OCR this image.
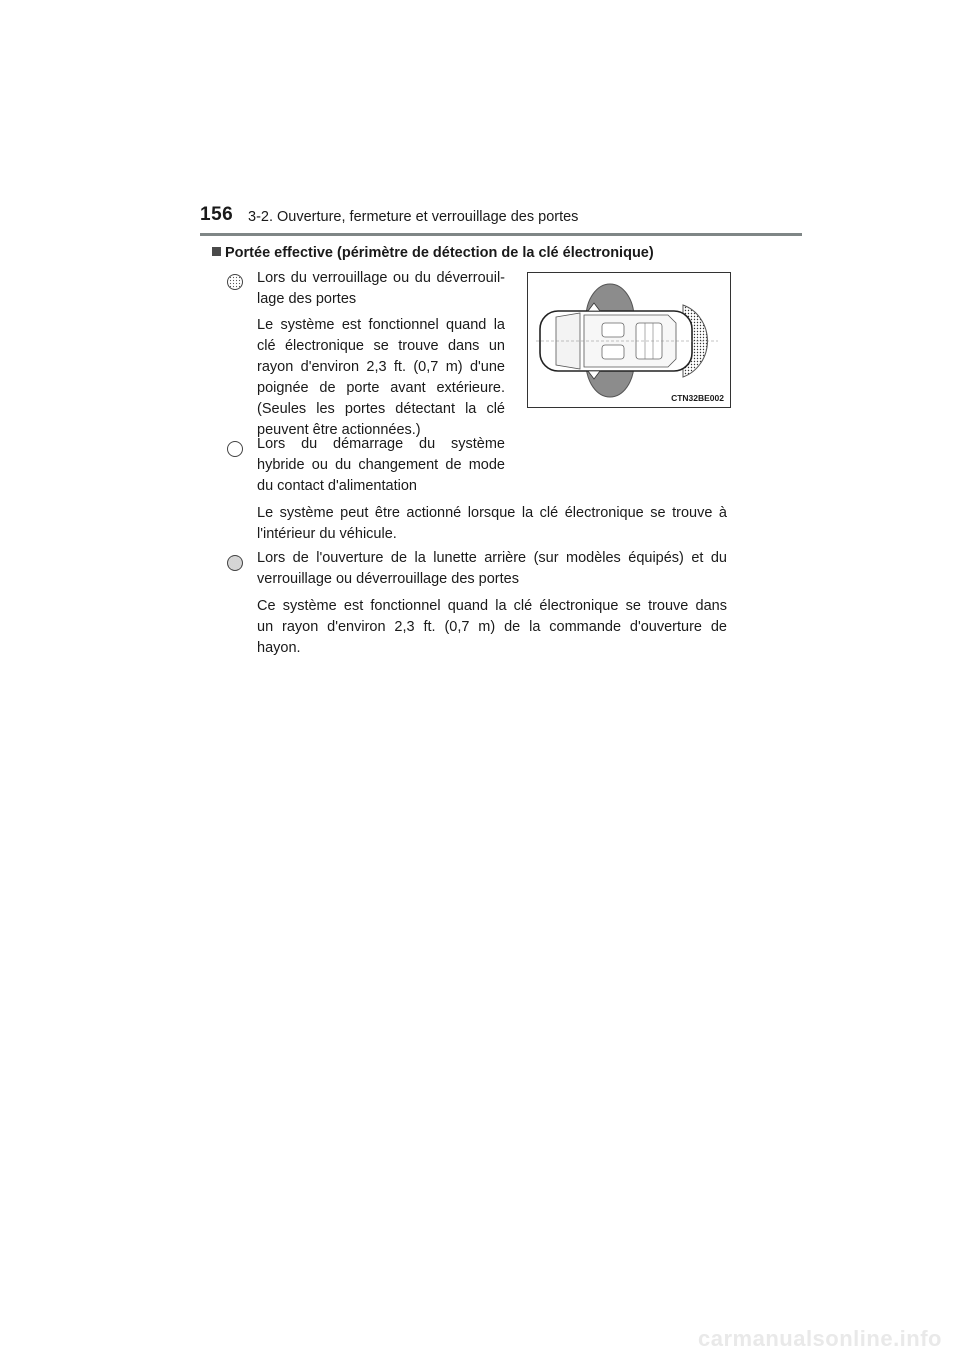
156 3-2. Ouverture, fermeture et verrouillage des portes
Portée effective (périmètre de détection de la clé électronique)
Lors du verrouillage ou du déverrouil-
lage des portes
Le système est fonctionnel quand la
clé électronique se trouve dans un
rayon d'environ 2,3 ft. (0,7 m) d'une
poignée de porte avant extérieure.
(Seules les portes détectant la clé
peuvent être actionnées.)
Lors du démarrage du système
hybride ou du changement de mode
du contact d'alimentation
Le système peut être actionné lorsque la clé électronique se trouve à
l'intérieur du véhicule.
Lors de l'ouverture de la lunette arrière (sur modèles équipés) et du
verrouillage ou déverrouillage des portes
Ce système est fonctionnel quand la clé électronique se trouve dans
un rayon d'environ 2,3 ft. (0,7 m) de la commande d'ouverture de
hayon.
CTN32BE002
carmanualsonline.info
